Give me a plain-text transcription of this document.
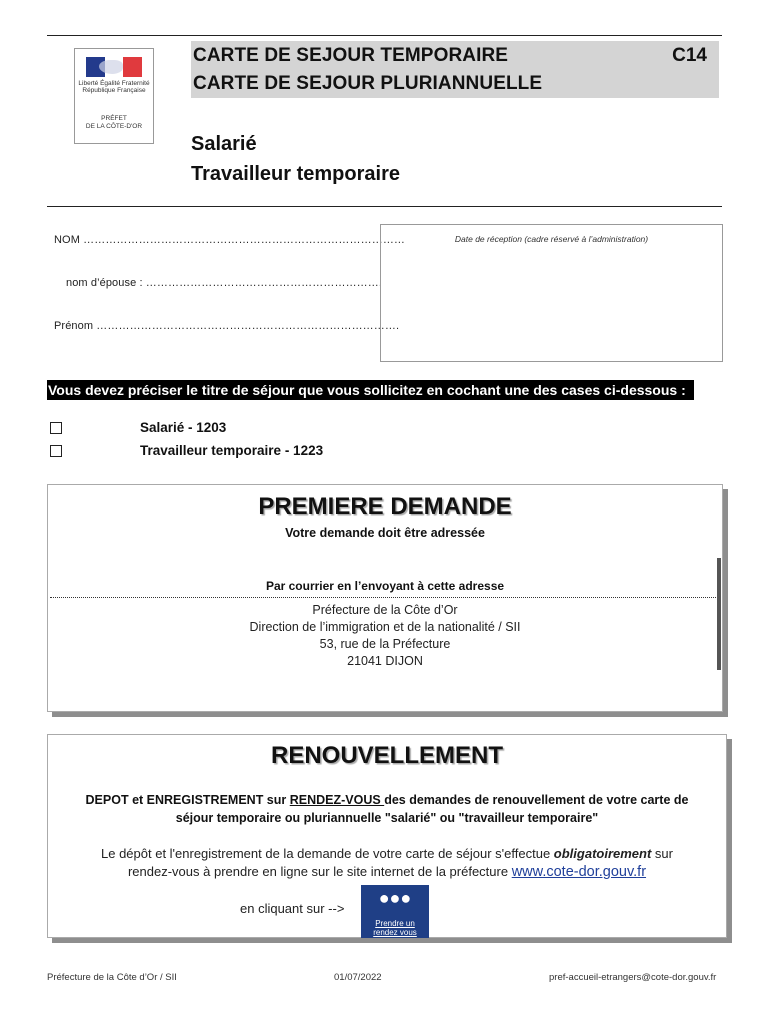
Liberté Égalité Fraternité
République Française
PRÉFET
DE LA CÔTE-D'OR
CARTE DE SEJOUR TEMPORAIRE
CARTE DE SEJOUR PLURIANNUELLE
C14
Salarié
Travailleur temporaire
NOM ……………………………………………………………………………
nom d’épouse : ……………………………………………………….
Prénom ……………………………………………………………………….
Date de réception (cadre réservé à l’administration)
Vous devez préciser le titre de séjour que vous sollicitez en cochant une des cases ci-dessous :
Salarié - 1203
Travailleur temporaire - 1223
PREMIERE DEMANDE
Votre demande doit être adressée
Par courrier en l’envoyant à cette adresse
Préfecture de la Côte d’Or
Direction de l’immigration et de la nationalité / SII
53, rue de la Préfecture
21041 DIJON
RENOUVELLEMENT
DEPOT et ENREGISTREMENT sur RENDEZ-VOUS des demandes de renouvellement de votre carte de
séjour temporaire ou pluriannuelle "salarié" ou "travailleur temporaire"
Le dépôt et l'enregistrement de la demande de votre carte de séjour s'effectue obligatoirement sur
rendez-vous à prendre en ligne sur le site internet de la préfecture www.cote-dor.gouv.fr
en cliquant sur -->
●●●
Prendre un
rendez vous
Préfecture de la Côte d’Or / SII	01/07/2022	pref-accueil-etrangers@cote-dor.gouv.fr
